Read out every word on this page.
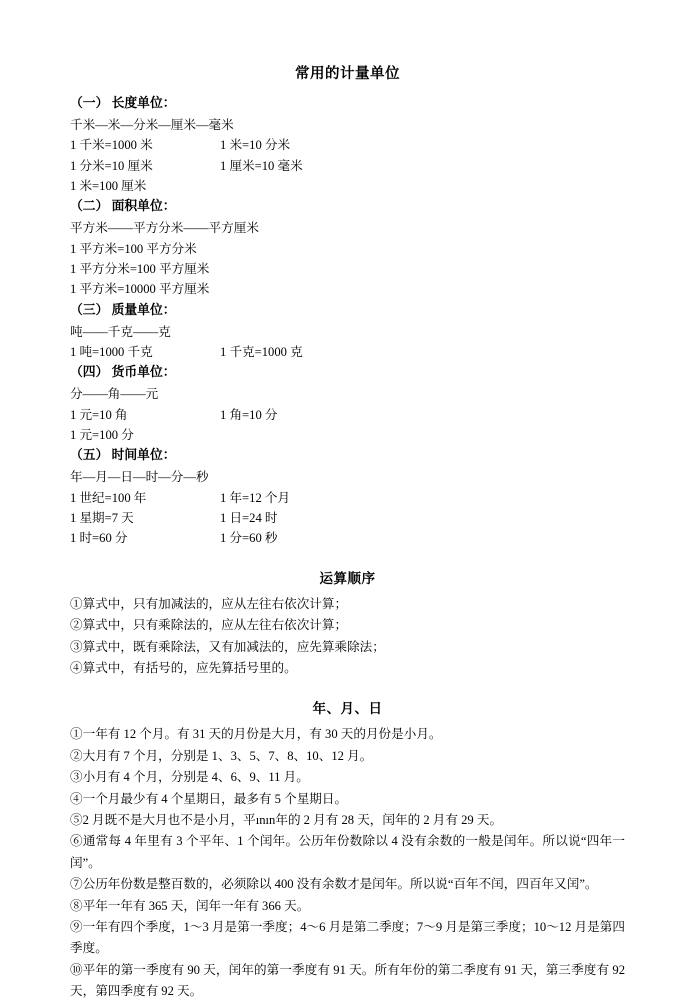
常用的计量单位
（一） 长度单位：
千米—米—分米—厘米—毫米
1 千米=1000 米	1 米=10 分米
1 分米=10 厘米	1 厘米=10 毫米
1 米=100 厘米
（二） 面积单位：
平方米——平方分米——平方厘米
1 平方米=100 平方分米
1 平方分米=100 平方厘米
1 平方米=10000 平方厘米
（三） 质量单位：
吨——千克——克
1 吨=1000 千克	1 千克=1000 克
（四） 货币单位：
分——角——元
1 元=10 角	1 角=10 分
1 元=100 分
（五） 时间单位：
年—月—日—时—分—秒
1 世纪=100 年	1 年=12 个月
1 星期=7 天	1 日=24 时
1 时=60 分	1 分=60 秒
运算顺序
①算式中，只有加减法的，应从左往右依次计算；
②算式中，只有乘除法的，应从左往右依次计算；
③算式中，既有乘除法，又有加减法的，应先算乘除法；
④算式中，有括号的，应先算括号里的。
年、月、日
①一年有 12 个月。有 31 天的月份是大月，有 30 天的月份是小月。
②大月有 7 个月，分别是 1、3、5、7、8、10、12 月。
③小月有 4 个月，分别是 4、6、9、11 月。
④一个月最少有 4 个星期日，最多有 5 个星期日。
⑤2 月既不是大月也不是小月，平ının年的 2 月有 28 天，闰年的 2 月有 29 天。
⑥通常每 4 年里有 3 个平年、1 个闰年。公历年份数除以 4 没有余数的一般是闰年。所以说“四年一闰”。
⑦公历年份数是整百数的，必须除以 400 没有余数才是闰年。所以说“百年不闰，四百年又闰”。
⑧平年一年有 365 天，闰年一年有 366 天。
⑨一年有四个季度，1～3 月是第一季度；4～6 月是第二季度；7～9 月是第三季度；10～12 月是第四季度。
⑩平年的第一季度有 90 天，闰年的第一季度有 91 天。所有年份的第二季度有 91 天，第三季度有 92 天，第四季度有 92 天。
